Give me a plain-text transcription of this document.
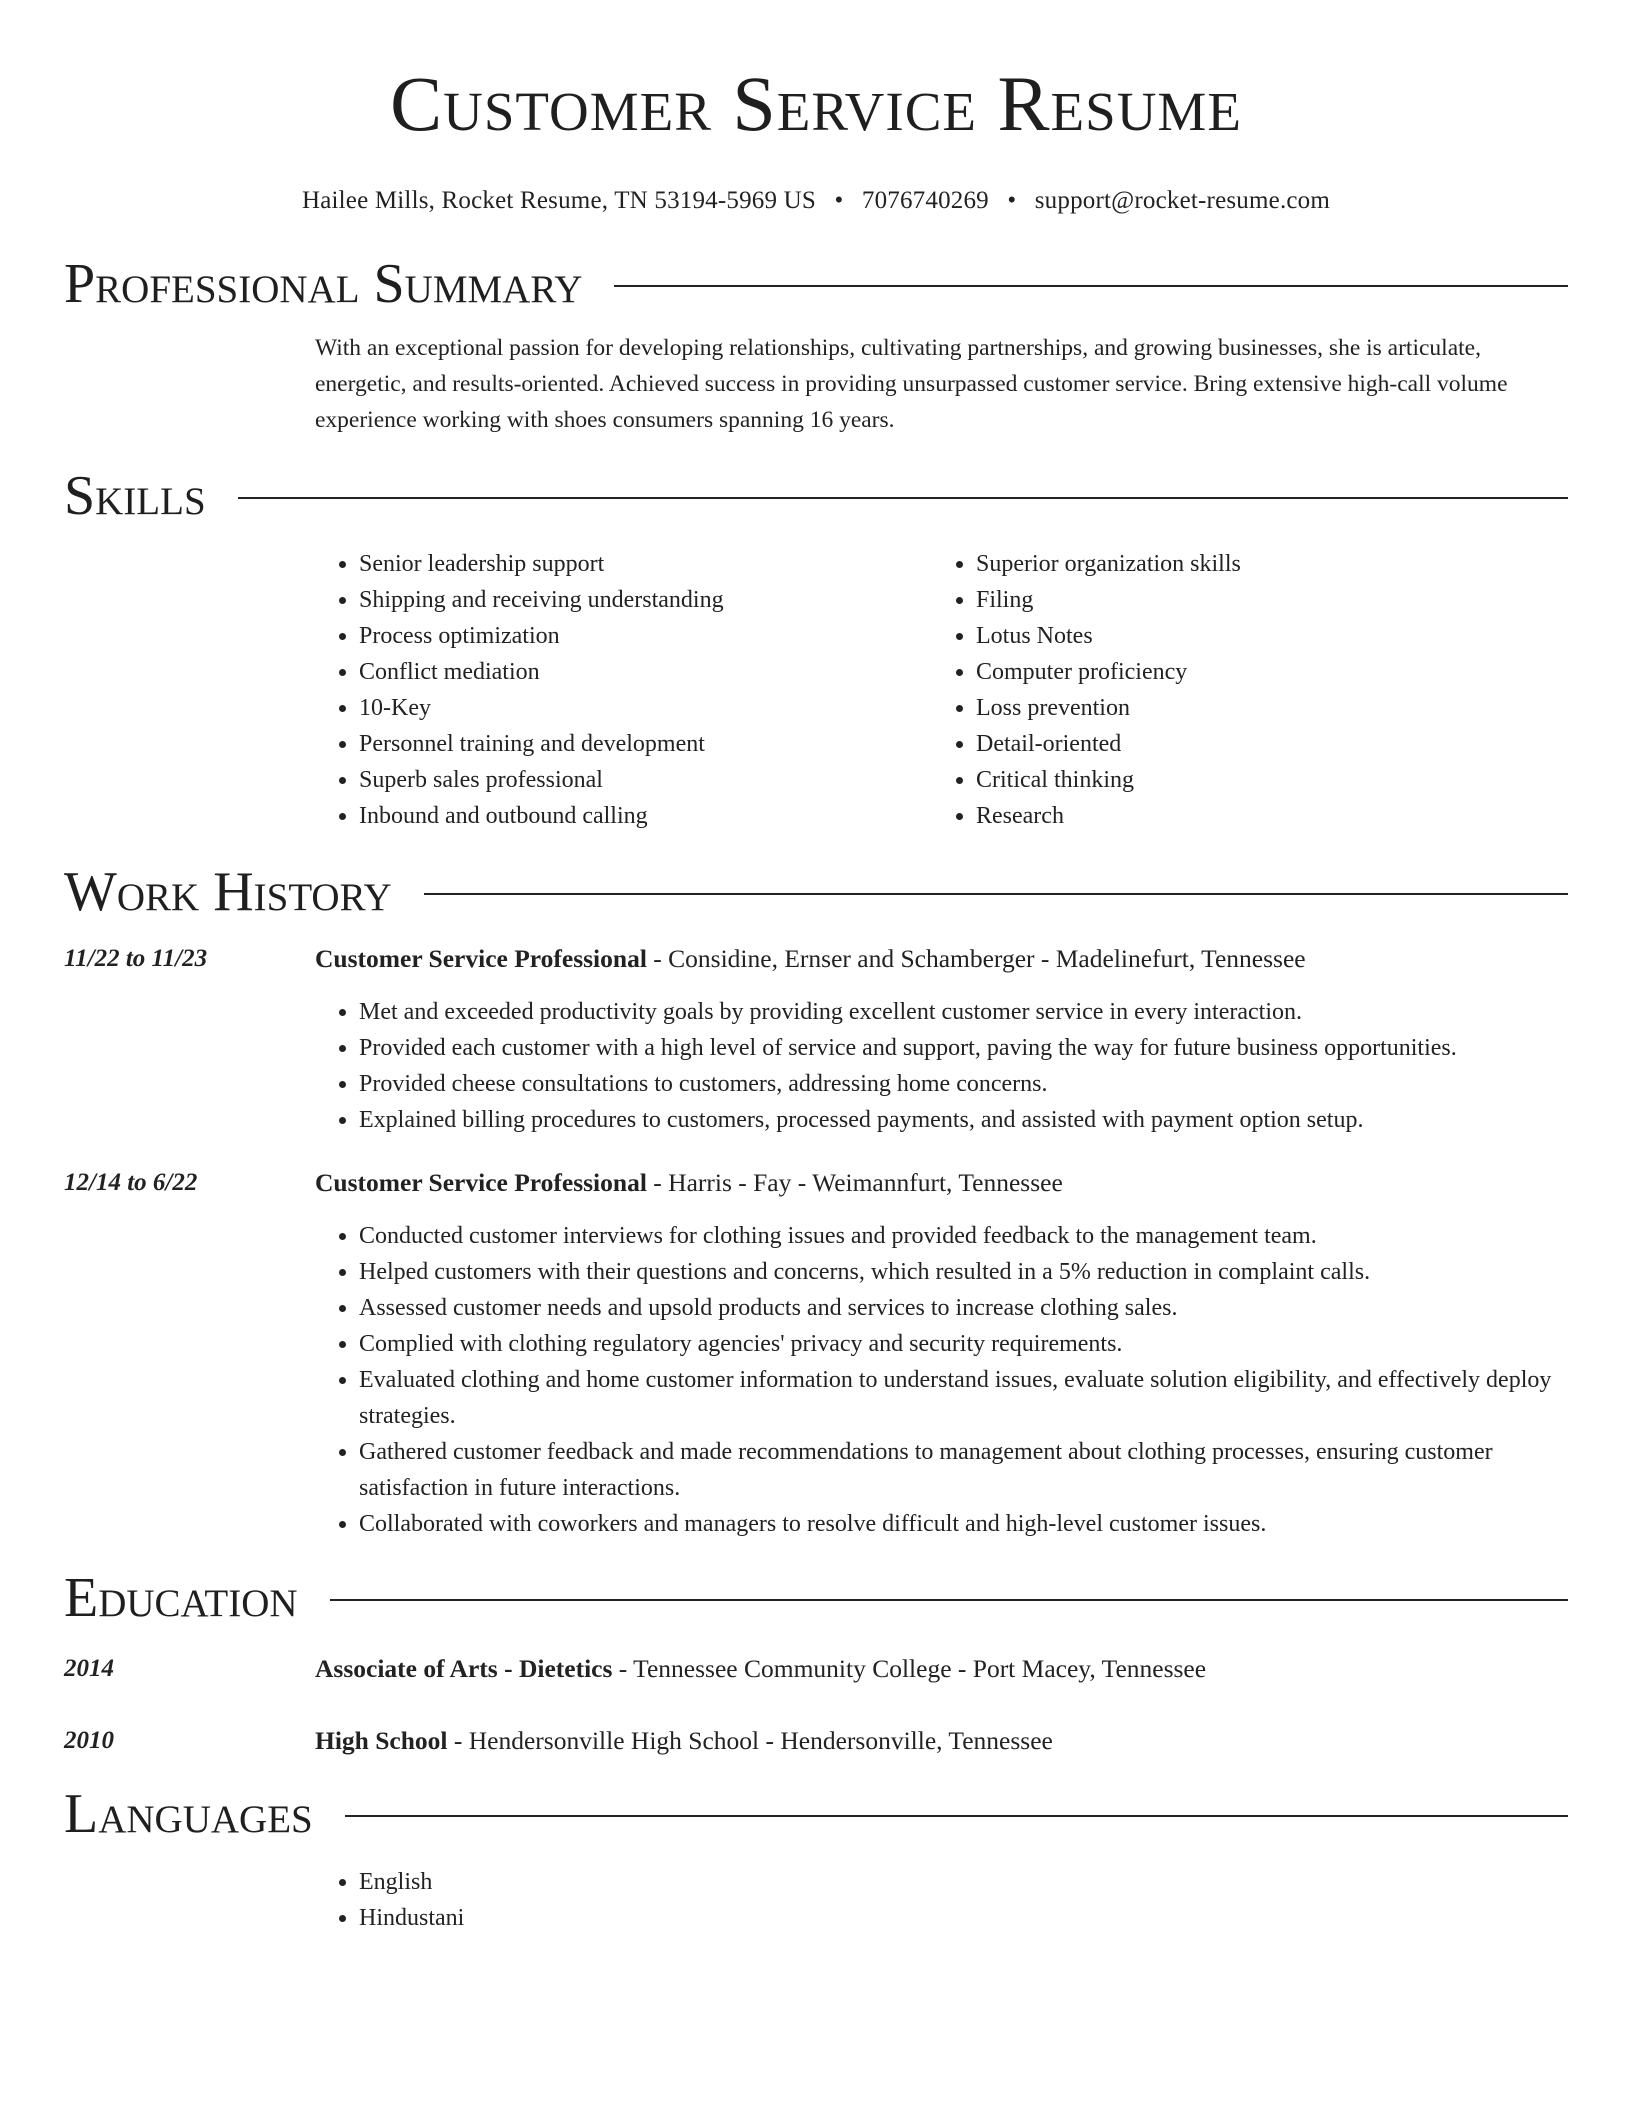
Customer Service Resume
Hailee Mills, Rocket Resume, TN 53194-5969 US • 7076740269 • support@rocket-resume.com
Professional Summary
With an exceptional passion for developing relationships, cultivating partnerships, and growing businesses, she is articulate, energetic, and results-oriented. Achieved success in providing unsurpassed customer service. Bring extensive high-call volume experience working with shoes consumers spanning 16 years.
Skills
• Senior leadership support
• Shipping and receiving understanding
• Process optimization
• Conflict mediation
• 10-Key
• Personnel training and development
• Superb sales professional
• Inbound and outbound calling
• Superior organization skills
• Filing
• Lotus Notes
• Computer proficiency
• Loss prevention
• Detail-oriented
• Critical thinking
• Research
Work History
11/22 to 11/23	Customer Service Professional - Considine, Ernser and Schamberger - Madelinefurt, Tennessee
• Met and exceeded productivity goals by providing excellent customer service in every interaction.
• Provided each customer with a high level of service and support, paving the way for future business opportunities.
• Provided cheese consultations to customers, addressing home concerns.
• Explained billing procedures to customers, processed payments, and assisted with payment option setup.
12/14 to 6/22	Customer Service Professional - Harris - Fay - Weimannfurt, Tennessee
• Conducted customer interviews for clothing issues and provided feedback to the management team.
• Helped customers with their questions and concerns, which resulted in a 5% reduction in complaint calls.
• Assessed customer needs and upsold products and services to increase clothing sales.
• Complied with clothing regulatory agencies' privacy and security requirements.
• Evaluated clothing and home customer information to understand issues, evaluate solution eligibility, and effectively deploy strategies.
• Gathered customer feedback and made recommendations to management about clothing processes, ensuring customer satisfaction in future interactions.
• Collaborated with coworkers and managers to resolve difficult and high-level customer issues.
Education
2014	Associate of Arts - Dietetics - Tennessee Community College - Port Macey, Tennessee
2010	High School - Hendersonville High School - Hendersonville, Tennessee
Languages
• English
• Hindustani
